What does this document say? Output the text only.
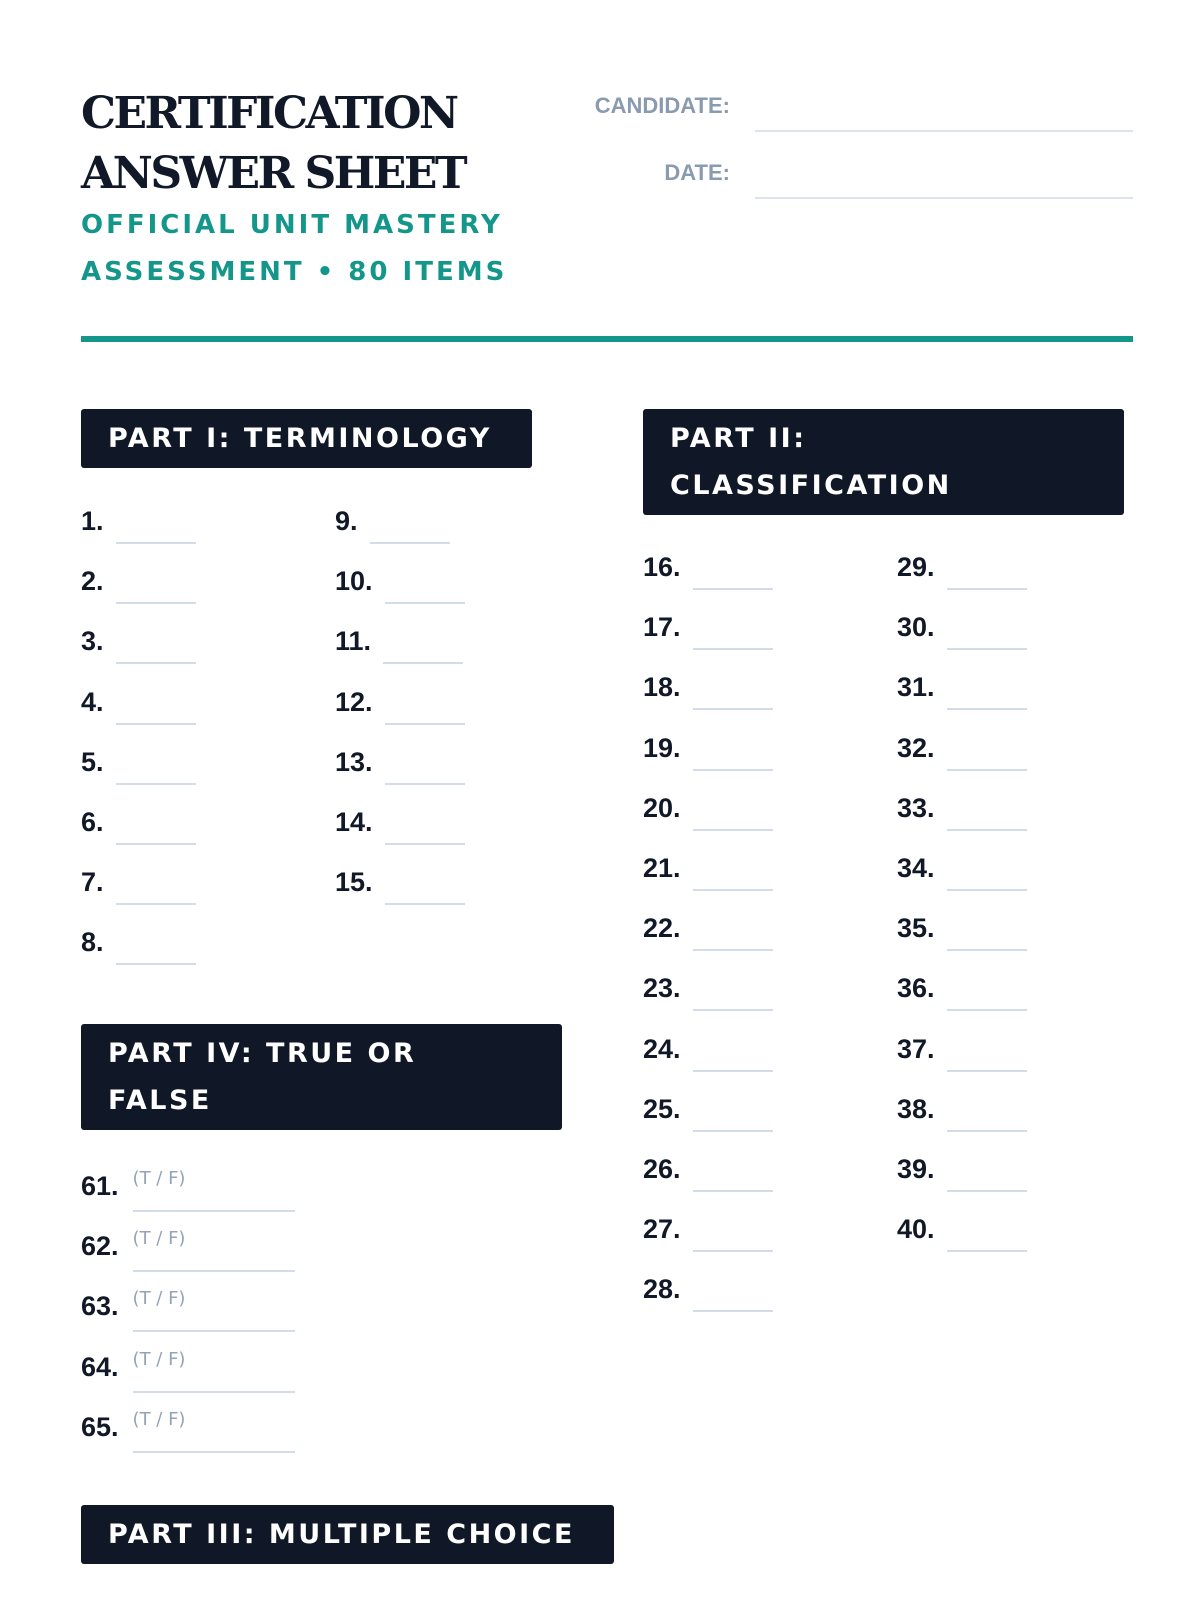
CERTIFICATION
ANSWER SHEET
OFFICIAL UNIT MASTERY
ASSESSMENT • 80 ITEMS
CANDIDATE:
DATE:
PART I: TERMINOLOGY	PART II:
CLASSIFICATION
PART IV: TRUE OR
FALSE
PART III: MULTIPLE CHOICE
1.
2.
3.
4.
5.
6.
7.
8.
9.
10.
11.
12.
13.
14.
15.
16.
17.
18.
19.
20.
21.
22.
23.
24.
25.
26.
27.
28.
29.
30.
31.
32.
33.
34.
35.
36.
37.
38.
39.
40.
61. (T / F)
62. (T / F)
63. (T / F)
64. (T / F)
65. (T / F)
